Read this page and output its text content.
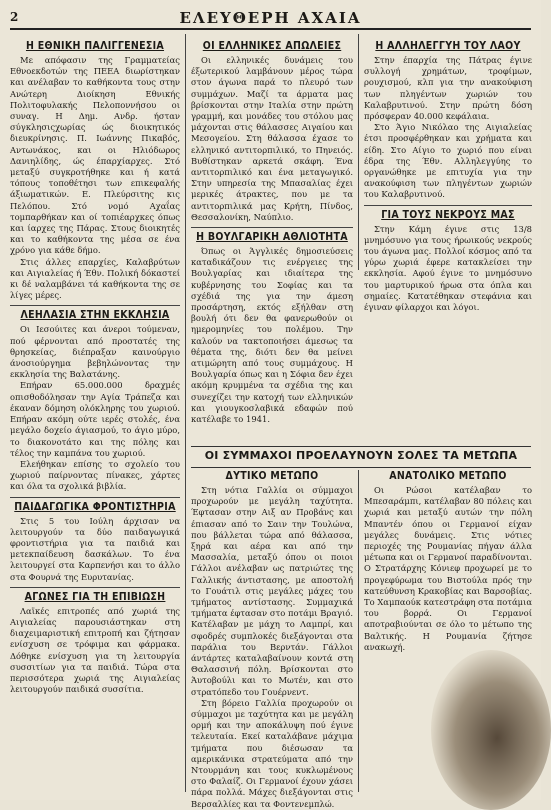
2	ΕΛΕΥΘΕΡΗ ΑΧΑΙΑ
Η ΕΘΝΙΚΗ ΠΑΛΙΓΓΕΝΕΣΙΑ

Με απόφασιν της Γραμματείας Εθνοεκδοτών της ΠΕΕΑ διωρίστηκαν και ανέλαβαν το καθήκοντα τους στην Ανώτερη Διοίκηση Εθνικής Πολιτοφυλακής Πελοποννήσου οι συναγ. Η Δημ. Ανδρ. ήσταν σύγκλησιςχωρίας ώς διοικητικός διευκρίνησις. Π. Ιωάννης Πικαβός, Αντωνάκος, και οι Ηλιόδωρος Δανιηλίδης, ώς έπαρχίαρχες. Στό μεταξύ συγκροτήθηκε και ή κατά τόπους τοποθέτησι των επικεφαλής άξιωματικών. Ε. Πλεύρσιτης κις Πελόπου. Στό νομό Αχαΐας τομπαρθήκαν και οί τοπιέαρχκες όπως και ίαρχες της Πάρας. Στους διοικητές και το καθήκοντα της μέσα σε ένα χρόνο για κάθε δήμο.

Στις άλλες επαρχίες, Καλαβρύτων και Αιγιαλείας ή Έθν. Πολική δόκαστεί κι δέ ναλαμβάνει τά καθήκοντα της σε λίγες μέρες.

ΛΕΗΛΑΣΙΑ ΣΤΗΝ ΕΚΚΛΗΣΙΑ

Οι Ιεσούιτες και άνεροι τούμεναν, πού φέρνονται από προστατές της θρησκείας, διέπραξαν καινούργιο άνοσιούργημα βεβηλώνοντας την εκκλησία της Βαλατάνης.

Επήραν 65.000.000 δραχμές οπισθοδόλησαν την Αγία Τράπεζα και έκαναν δόμηση ολόκληρης του χωριού. Επήραν ακόμη ούτε ιερές στολές, ένα μεγάλο δοχείο άγιασμού, το άγιο μύρο, το διακονοτάτο και της πόλης και τέλος την καμπάνα του χωριού.

Ελεήθηκαν επίσης το σχολείο του χωριού παίρνοντας πίνακες, χάρτες και όλα τα σχολικά βιβλία.

ΠΑΙΔΑΓΩΓΙΚΑ ΦΡΟΝΤΙΣΤΗΡΙΑ

Στις 5 του Ιούλη άρχισαν να λειτουργούν τα δύο παιδαγωγικά φροντιστήρια για τα παιδιά και μετεκπαίδευση δασκάλων. Το ένα λειτουργεί στα Καρπενήσι και το άλλο στα Φουρνά της Ευρυτανίας.

ΑΓΩΝΕΣ ΓΙΑ ΤΗ ΕΠΙΒΙΩΣΗ

Λαϊκές επιτροπές από χωριά της Αιγιαλείας παρουσιάστηκαν στη διαχειμαριστική επιτροπή και ζήτησαν ενίσχυση σε τρόφιμα και φάρμακα. Δόθηκε ενίσχυση για τη λειτουργία συσσιτίων για τα παιδιά. Τώρα στα περισσότερα χωριά της Αιγιαλείας λειτουργούν παιδικά συσσίτια.

ΟΙ ΕΛΛΗΝΙΚΕΣ ΑΠΩΛΕΙΕΣ

Οι ελληνικές δυνάμεις του έξωτερικού λαμβάνουν μέρος τώρα στον άγωνα παρά το πλευρό των συμμάχων. Μαζί τα άρματα μας βρίσκονται στην Ιταλία στην πρώτη γραμμή, και μονάδες του στόλου μας μάχονται στις θάλασσες Αιγαίου και Μεσογείου. Στη θάλασσα έχασε το ελληνικό αντιτορπιλικό, το Πηνειός. Βυθίστηκαν αρκετά σκάφη. Ένα αντιτορπιλικό και ένα μεταγωγικό. Στην υπηρεσία της Μπασαλίας έχει μερικές άτρακτες, που με τα αντιτορπιλικά μας Κρήτη, Πίνδος, Θεσσαλονίκη, Ναύπλιο.

Η ΒΟΥΛΓΑΡΙΚΗ ΑΘΛΙΟΤΗΤΑ

Όπως οι Άγγλικές δημοσιεύσεις καταδικάζουν τις ενέργειες της Βουλγαρίας και ιδιαίτερα της κυβέρνησης του Σοφίας και τα σχέδιά της για την άμεση προσάρτηση, εκτός εξήλθαν στη βουλή ότι δεν θα φανερωθούν οι ημερομηνίες του πολέμου. Την καλούν να τακτοποιήσει άμεσως τα θέματα της, διότι δεν θα μείνει ατιμώρητη από τους συμμάχους. Η Βουλγαρία όπως και η Σόφια δεν έχει ακόμη κρυμμένα τα σχέδια της και συνεχίζει την κατοχή των ελληνικών και γιουγκοσλαβικά εδαφών πού κατέλαβε το 1941.

Η ΑΛΛΗΛΕΓΓΥΗ ΤΟΥ ΛΑΟΥ

Στην έπαρχία της Πάτρας έγινε συλλογή χρημάτων, τροφίμων, ρουχισμού, κλπ για την ανακούφιση των πληγέντων χωριών του Καλαβρυτινού. Στην πρώτη δόση πρόσφεραν 40.000 κεφάλαια.

Στο Άγιο Νικόλαο της Αιγιαλείας έτσι προσφέρθηκαν και χρήματα και είδη. Στο Αίγιο το χωριό που είναι έδρα της Έθν. Αλληλεγγύης το οργανώθηκε με επιτυχία για την ανακούφιση των πληγέντων χωριών του Καλαβρυτινού.

ΓΙΑ ΤΟΥΣ ΝΕΚΡΟΥΣ ΜΑΣ

Στην Κάμη έγινε στις 13/8 μνημόσυνο για τους ήρωικούς νεκρούς του άγωνα μας. Πολλοί κόσμος από τα γύρω χωριά έφερε κατακλείσει την εκκλησία. Αφού έγινε το μνημόσυνο του μαρτυρικού ήρωα στα όπλα και σημαίες. Κατατέθηκαν στεφάνια και έγιναν φίλαρχοι και λόγοι.

ΟΙ ΣΥΜΜΑΧΟΙ ΠΡΟΕΛΑΥΝΟΥΝ ΣΟΛΕΣ ΤΑ ΜΕΤΩΠΑ
ΔΥΤΙΚΟ ΜΕΤΩΠΟ

Στη νότια Γαλλία οι σύμμαχοι προχωρούν με μεγάλη ταχύτητα. Έφτασαν στην Αιξ αν Προβάνς και έπιασαν από το Σαιν την Τουλώνα, που βάλλεται τώρα από θάλασσα, ξηρά και αέρα και από την Μασσαλία, μεταξύ όπου οι ποιοι Γάλλοι ανέλαβαν ως πατριώτες της Γαλλικής άντιστασης, με αποστολή το Γουάτιλ στις μεγάλες μάχες του τμήματος αντίστασης. Συμμαχικά τμήματα έφτασαν στο ποτάμι Βραγιό. Κατέλαβαν με μάχη το Λαμπρί, και σφοδρές συμπλοκές διεξάγονται στα παράλια του Βερντάν. Γάλλοι άντάρτες καταλαβαίνουν κοντά στη Θαλασσινή πόλη. Βρίσκονται στο Άυτοβούλι και το Μωτέν, και στο στρατόπεδο του Γουέρνεντ.

Στη βόρειο Γαλλία προχωρούν οι σύμμαχοι με ταχύτητα και με μεγάλη ορμή και την αποκάλυψη πού έγινε τελευταία. Εκεί καταλάβανε μάχιμα τμήματα που διέσωσαν τα αμερικάνικα στρατεύματα από την Ντουρμάνη και τους κυκλωμένους στο Φαλαίζ. Οι Γερμανοί έχουν χάσει πάρα πολλά. Μάχες διεξάγονται στις Βερσαλλίες και τα Φοντενεμπλώ.

ΑΝΑΤΟΛΙΚΟ ΜΕΤΩΠΟ

Οι Ρώσοι κατέλαβαν το Μπεσαράμπι, κατέλαβαν 80 πόλεις και χωριά και μεταξύ αυτών την πόλη Μπαντέν όπου οι Γερμανοί είχαν μεγάλες δυνάμεις. Στις νότιες περιοχές της Ρουμανίας πήγαν άλλα μέτωπα και οι Γερμανοί παραδίνονται. Ο Στρατάρχης Κόνιεφ προχωρεί με το προγεφύρωμα του Βιστούλα πρός την κατεύθυνση Κρακοβίας και Βαρσοβίας. Το Χαμπαούκ κατεστράφη στα ποτάμια του βορρά. Οι Γερμανοί αποτραβιούνται σε όλο το μέτωπο της Βαλτικής. Η Ρουμανία ζήτησε ανακωχή.
